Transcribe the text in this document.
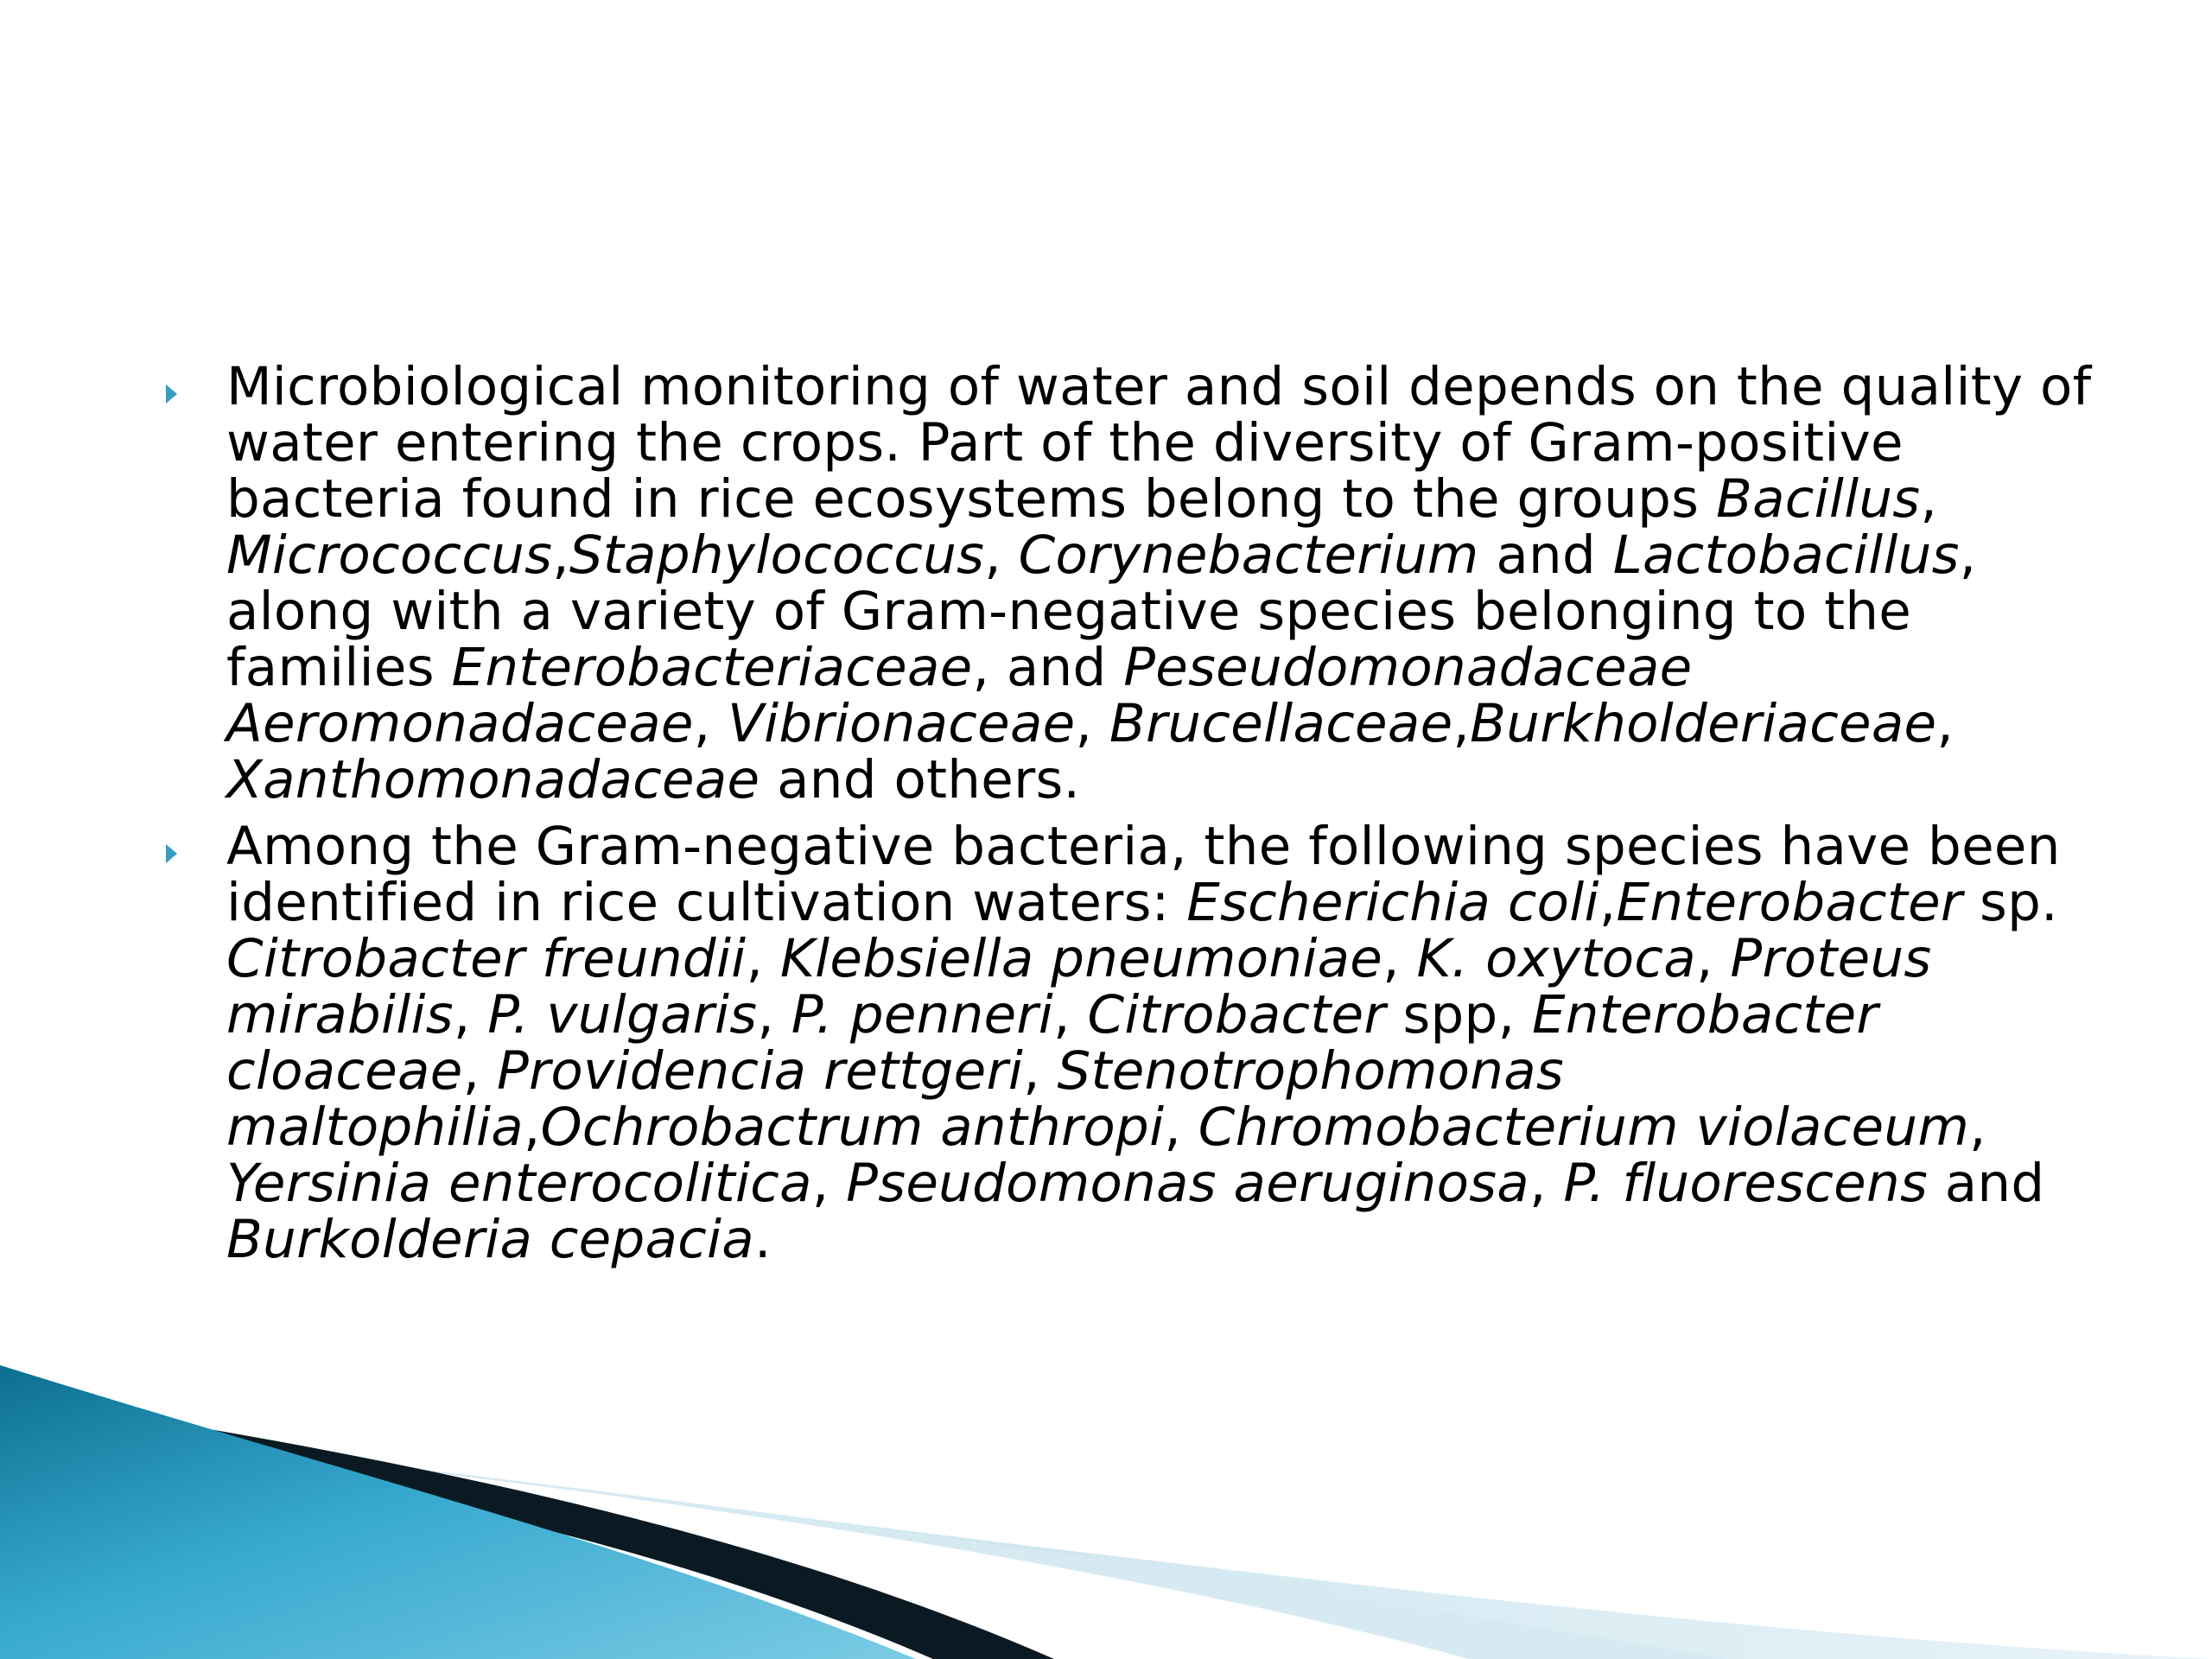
Microbiological monitoring of water and soil depends on the quality of water entering the crops. Part of the diversity of Gram-positive bacteria found in rice ecosystems belong to the groups Bacillus, Micrococcus,Staphylococcus, Corynebacterium and Lactobacillus, along with a variety of Gram-negative species belonging to the families Enterobacteriaceae, and Peseudomonadaceae Aeromonadaceae, Vibrionaceae, Brucellaceae,Burkholderiaceae, Xanthomonadaceae and others.
Among the Gram-negative bacteria, the following species have been identified in rice cultivation waters: Escherichia coli,Enterobacter sp. Citrobacter freundii, Klebsiella pneumoniae, K. oxytoca, Proteus mirabilis, P. vulgaris, P. penneri, Citrobacter spp, Enterobacter cloaceae, Providencia rettgeri, Stenotrophomonas maltophilia,Ochrobactrum anthropi, Chromobacterium violaceum, Yersinia enterocolitica, Pseudomonas aeruginosa, P. fluorescens and Burkolderia cepacia.
